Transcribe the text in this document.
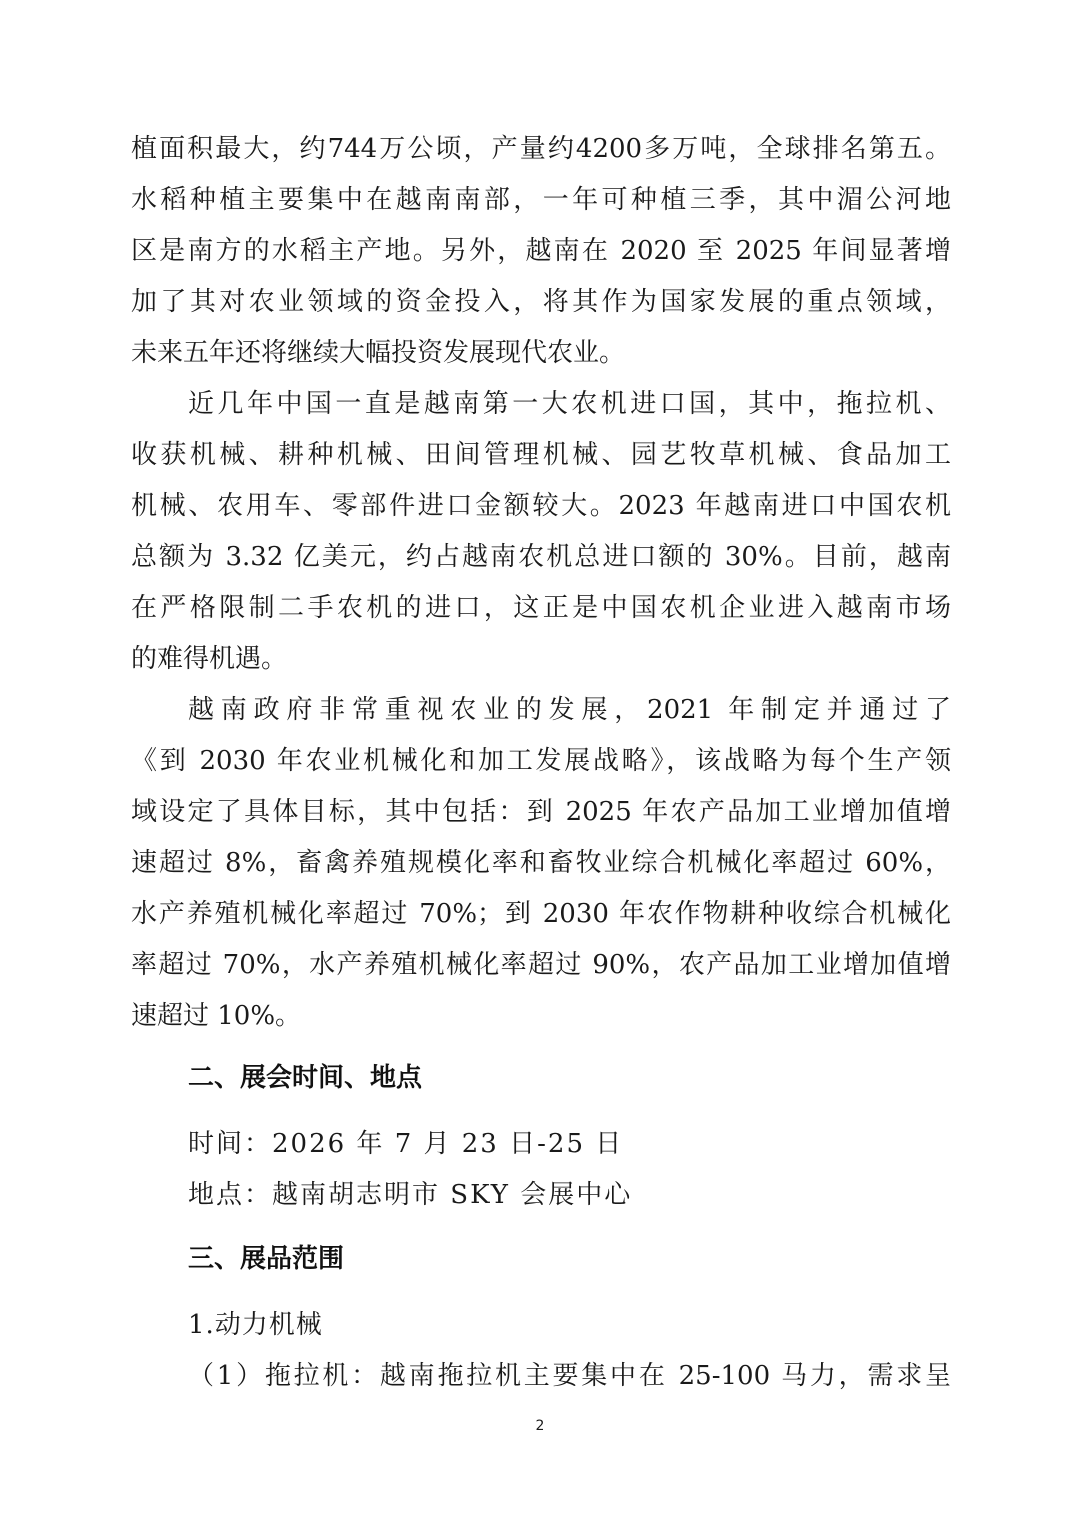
植面积最大，约744万公顷，产量约4200多万吨，全球排名第五。
水稻种植主要集中在越南南部，一年可种植三季，其中湄公河地
区是南方的水稻主产地。另外，越南在 2020 至 2025 年间显著增
加了其对农业领域的资金投入，将其作为国家发展的重点领域，
未来五年还将继续大幅投资发展现代农业。
近几年中国一直是越南第一大农机进口国，其中，拖拉机、
收获机械、耕种机械、田间管理机械、园艺牧草机械、食品加工
机械、农用车、零部件进口金额较大。2023 年越南进口中国农机
总额为 3.32 亿美元，约占越南农机总进口额的 30%。目前，越南
在严格限制二手农机的进口，这正是中国农机企业进入越南市场
的难得机遇。
越南政府非常重视农业的发展，2021 年制定并通过了
《到 2030 年农业机械化和加工发展战略》，该战略为每个生产领
域设定了具体目标，其中包括：到 2025 年农产品加工业增加值增
速超过 8%，畜禽养殖规模化率和畜牧业综合机械化率超过 60%，
水产养殖机械化率超过 70%；到 2030 年农作物耕种收综合机械化
率超过 70%，水产养殖机械化率超过 90%，农产品加工业增加值增
速超过 10%。
二、展会时间、地点
时间：2026 年 7 月 23 日-25 日
地点：越南胡志明市 SKY 会展中心
三、展品范围
1.动力机械
（1）拖拉机：越南拖拉机主要集中在 25-100 马力，需求呈
2
